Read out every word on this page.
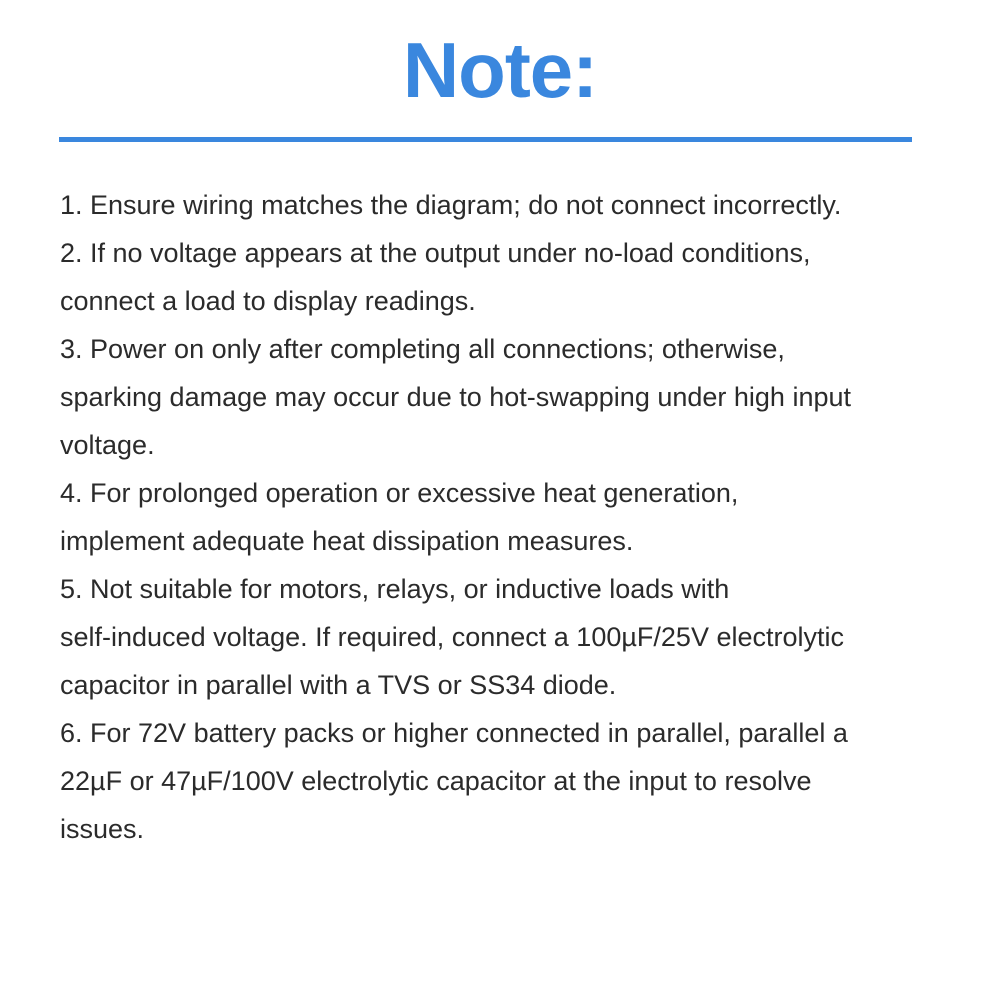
Note:
1. Ensure wiring matches the diagram; do not connect incorrectly.
2. If no voltage appears at the output under no-load conditions,
connect a load to display readings.
3. Power on only after completing all connections; otherwise,
sparking damage may occur due to hot-swapping under high input
voltage.
4. For prolonged operation or excessive heat generation,
implement adequate heat dissipation measures.
5. Not suitable for motors, relays, or inductive loads with
self-induced voltage. If required, connect a 100µF/25V electrolytic
capacitor in parallel with a TVS or SS34 diode.
6. For 72V battery packs or higher connected in parallel, parallel a
22µF or 47µF/100V electrolytic capacitor at the input to resolve
issues.
